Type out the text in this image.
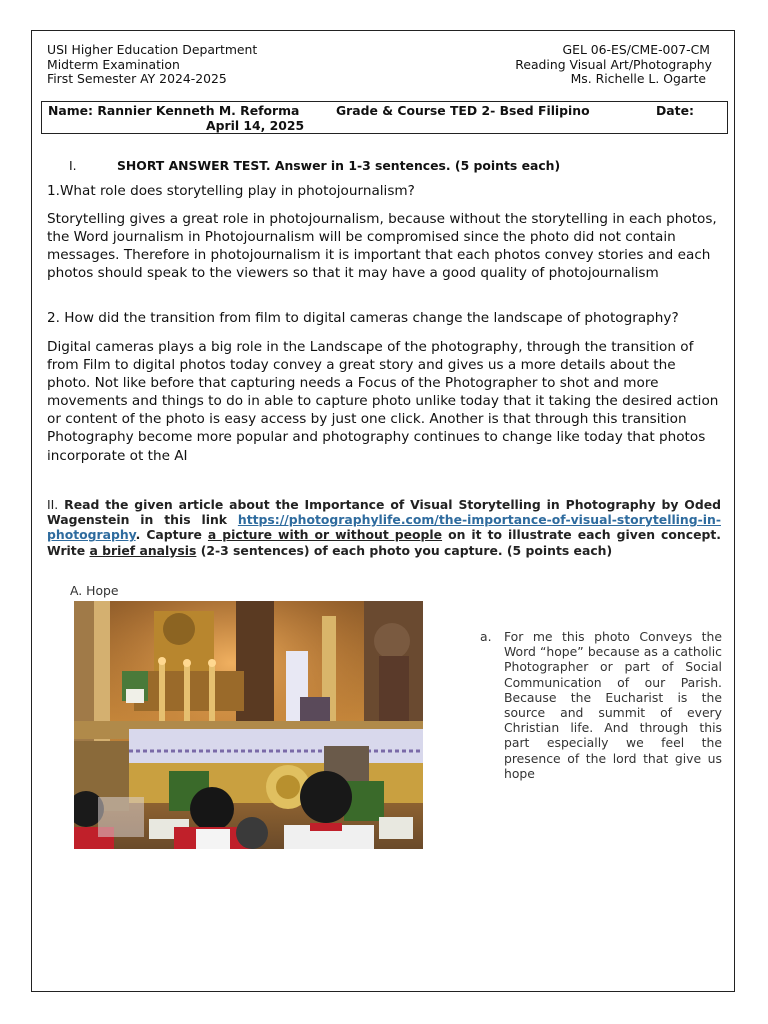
USI Higher Education Department
Midterm Examination
First Semester AY 2024-2025
GEL 06-ES/CME-007-CM
Reading Visual Art/Photography
Ms. Richelle L. Ogarte
Name: Rannier Kenneth M. Reforma	Grade & Course TED 2- Bsed Filipino	Date:
April 14, 2025
I.	SHORT ANSWER TEST. Answer in 1-3 sentences. (5 points each)
1.What role does storytelling play in photojournalism?
Storytelling gives a great role in photojournalism, because without the storytelling in each photos, the Word journalism in Photojournalism will be compromised since the photo did not contain messages. Therefore in photojournalism it is important that each photos convey stories and each photos should speak to the viewers so that it may have a good quality of photojournalism
2. How did the transition from film to digital cameras change the landscape of photography?
Digital cameras plays a big role in the Landscape of the photography, through the transition of from Film to digital photos today convey a great story and gives us a more details about the photo. Not like before that capturing needs a Focus of the Photographer to shot and more movements and things to do in able to capture photo unlike today that it taking the desired action or content of the photo is easy access by just one click. Another is that through this transition Photography become more popular and photography continues to change like today that photos incorporate ot the AI
II. Read the given article about the Importance of Visual Storytelling in Photography by Oded Wagenstein in this link https://photographylife.com/the-importance-of-visual-storytelling-in-photography. Capture a picture with or without people on it to illustrate each given concept. Write a brief analysis (2-3 sentences) of each photo you capture. (5 points each)
A. Hope
a. For me this photo Conveys the Word “hope” because as a catholic Photographer or part of Social Communication of our Parish. Because the Eucharist is the source and summit of every Christian life. And through this part especially we feel the presence of the lord that give us hope
